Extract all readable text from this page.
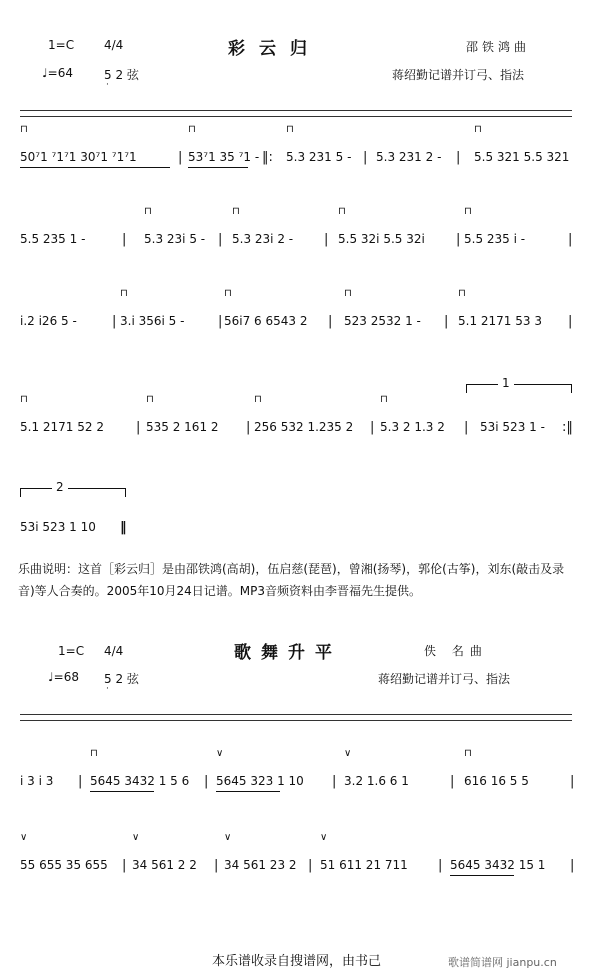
1=C 4/4	彩云归	邵铁鸿曲
♩=64	5 2 弦
·
蒋绍勤记谱并订弓、指法
⊓
50⁷1 ⁷1⁷1 30⁷1 ⁷1⁷1	|
⊓
53⁷1 35 ⁷1 - ‖:
⊓
5.3 231 5 - | 5.3 231 2 - |
⊓
5.5 321 5.5 321
5.5 235 1 -	|
⊓
5.3 23i 5 - |
⊓
5.3 23i 2 - |
⊓
5.5 32i 5.5 32i |
⊓
5.5 235 i -	|
i.2 i26 5 -	|
⊓
3.i 356i 5 -	|
⊓
56i7 6 6543 2 |
⊓
523 2532 1 - |
⊓
5.1 2171 53 3 |
1
⊓
5.1 2171 52 2 |
⊓
535 2 161 2 |
⊓
256 532 1.235 2 |
⊓
5.3 2 1.3 2 | 53i 523 1 - :‖
2
53i 523 1 10 ‖
乐曲说明：这首［彩云归］是由邵铁鸿(高胡)，伍启慈(琵琶)，曾湘(扬琴)，郭伦(古筝)，刘东(敲击及录音)等人合奏的。2005年10月24日记谱。MP3音频资料由李晋福先生提供。
1=C 4/4	歌舞升平	佚 名曲
♩=68 5 2 弦
·
蒋绍勤记谱并订弓、指法
i 3 i 3 |
⊓
5645 3432 1 5 6 |
∨
5645 323 1 10 |
∨
3.2 1.6 6 1	|
⊓
616 16 5 5	|
∨
55 655 35 655 |
∨
34 561 2 2 |
∨
34 561 23 2 |
∨
51 611 21 711 | 5645 3432 15 1 |
本乐谱收录自搜谱网，由书己	歌谱简谱网 jianpu.cn
